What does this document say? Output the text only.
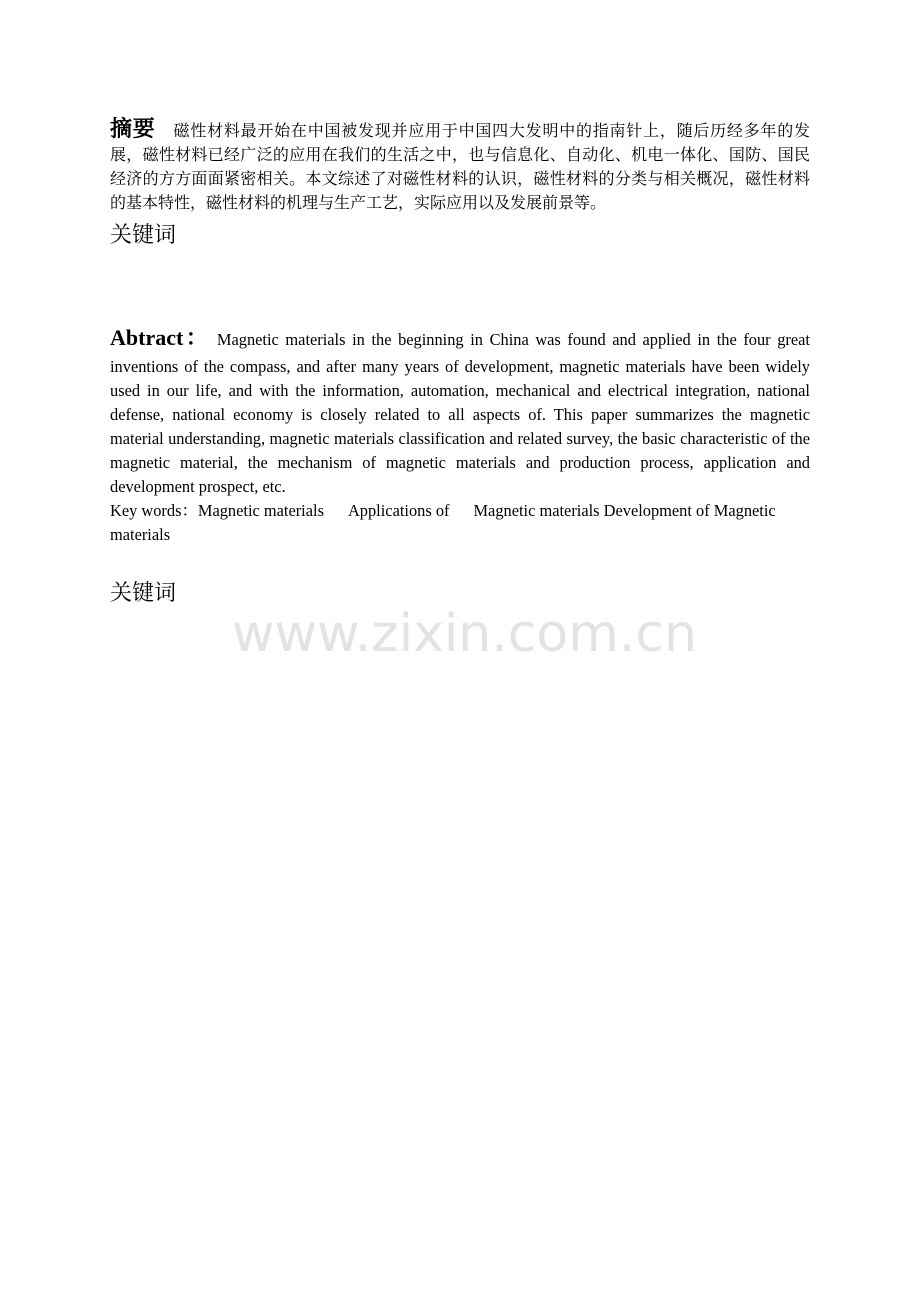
摘要 磁性材料最开始在中国被发现并应用于中国四大发明中的指南针上，随后历经多年的发展，磁性材料已经广泛的应用在我们的生活之中，也与信息化、自动化、机电一体化、国防、国民经济的方方面面紧密相关。本文综述了对磁性材料的认识，磁性材料的分类与相关概况，磁性材料的基本特性，磁性材料的机理与生产工艺，实际应用以及发展前景等。

关键词

Abtract： Magnetic materials in the beginning in China was found and applied in the four great inventions of the compass, and after many years of development, magnetic materials have been widely used in our life, and with the information, automation, mechanical and electrical integration, national defense, national economy is closely related to all aspects of. This paper summarizes the magnetic material understanding, magnetic materials classification and related survey, the basic characteristic of the magnetic material, the mechanism of magnetic materials and production process, application and development prospect, etc.

Key words：Magnetic materials Applications of Magnetic materials Development of Magnetic materials

关键词
www.zixin.com.cn
